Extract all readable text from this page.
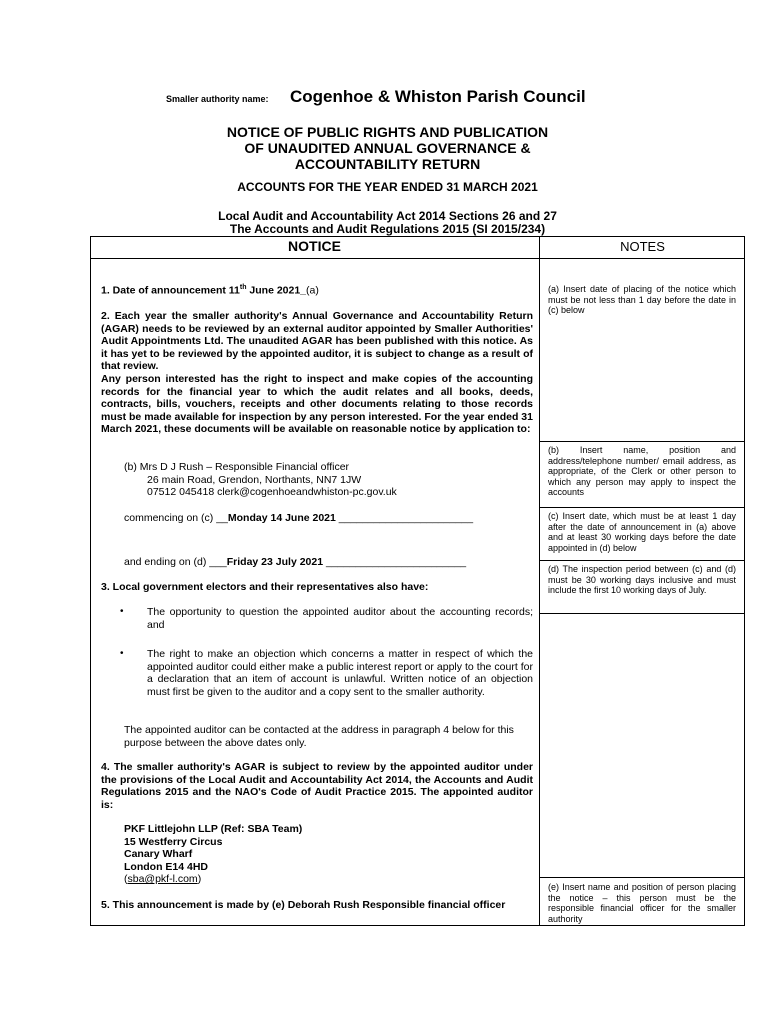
Smaller authority name: Cogenhoe & Whiston Parish Council
NOTICE OF PUBLIC RIGHTS AND PUBLICATION
OF UNAUDITED ANNUAL GOVERNANCE &
ACCOUNTABILITY RETURN
ACCOUNTS FOR THE YEAR ENDED 31 MARCH 2021
Local Audit and Accountability Act 2014 Sections 26 and 27
The Accounts and Audit Regulations 2015 (SI 2015/234)
NOTICE	NOTES
1. Date of announcement 11th June 2021_(a)
2. Each year the smaller authority's Annual Governance and Accountability Return (AGAR) needs to be reviewed by an external auditor appointed by Smaller Authorities' Audit Appointments Ltd. The unaudited AGAR has been published with this notice. As it has yet to be reviewed by the appointed auditor, it is subject to change as a result of that review.
Any person interested has the right to inspect and make copies of the accounting records for the financial year to which the audit relates and all books, deeds, contracts, bills, vouchers, receipts and other documents relating to those records must be made available for inspection by any person interested. For the year ended 31 March 2021, these documents will be available on reasonable notice by application to:
(b) Mrs D J Rush – Responsible Financial officer
26 main Road, Grendon, Northants, NN7 1JW
07512 045418 clerk@cogenhoeandwhiston-pc.gov.uk
commencing on (c) __Monday 14 June 2021 _______________________
and ending on (d) ___Friday 23 July 2021 ________________________
3. Local government electors and their representatives also have:
• The opportunity to question the appointed auditor about the accounting records; and
• The right to make an objection which concerns a matter in respect of which the appointed auditor could either make a public interest report or apply to the court for a declaration that an item of account is unlawful. Written notice of an objection must first be given to the auditor and a copy sent to the smaller authority.
The appointed auditor can be contacted at the address in paragraph 4 below for this purpose between the above dates only.
4. The smaller authority's AGAR is subject to review by the appointed auditor under the provisions of the Local Audit and Accountability Act 2014, the Accounts and Audit Regulations 2015 and the NAO's Code of Audit Practice 2015. The appointed auditor is:
PKF Littlejohn LLP (Ref: SBA Team)
15 Westferry Circus
Canary Wharf
London E14 4HD
(sba@pkf-l.com)
5. This announcement is made by (e) Deborah Rush Responsible financial officer
(a) Insert date of placing of the notice which must be not less than 1 day before the date in (c) below
(b) Insert name, position and address/telephone number/ email address, as appropriate, of the Clerk or other person to which any person may apply to inspect the accounts
(c) Insert date, which must be at least 1 day after the date of announcement in (a) above and at least 30 working days before the date appointed in (d) below
(d) The inspection period between (c) and (d) must be 30 working days inclusive and must include the first 10 working days of July.
(e) Insert name and position of person placing the notice – this person must be the responsible financial officer for the smaller authority
